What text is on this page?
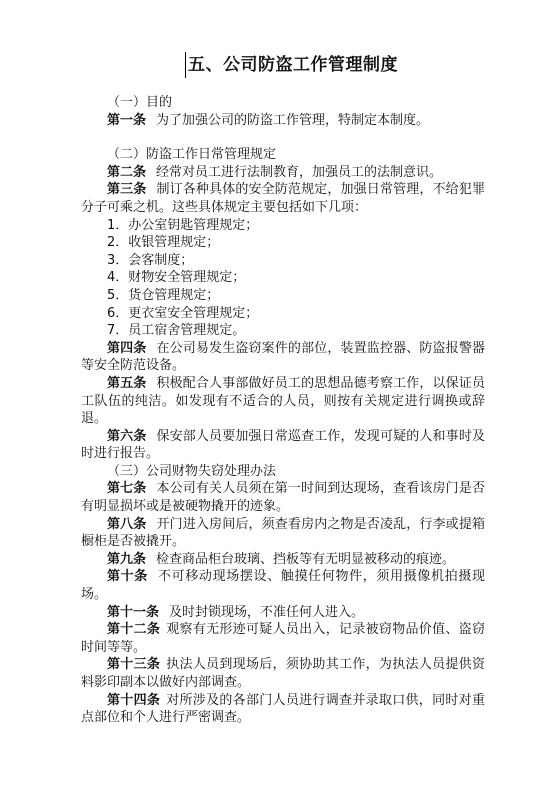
五、公司防盗工作管理制度

（一）目的

第一条 为了加强公司的防盗工作管理，特制定本制度。

（二）防盗工作日常管理规定

第二条 经常对员工进行法制教育，加强员工的法制意识。

第三条 制订各种具体的安全防范规定，加强日常管理，不给犯罪分子可乘之机。这些具体规定主要包括如下几项：

1．办公室钥匙管理规定；

2．收银管理规定；

3．会客制度；

4．财物安全管理规定；

5．货仓管理规定；

6．更衣室安全管理规定；

7．员工宿舍管理规定。

第四条 在公司易发生盗窃案件的部位，装置监控器、防盗报警器等安全防范设备。

第五条 积极配合人事部做好员工的思想品德考察工作，以保证员工队伍的纯洁。如发现有不适合的人员，则按有关规定进行调换或辞退。

第六条 保安部人员要加强日常巡查工作，发现可疑的人和事时及时进行报告。

（三）公司财物失窃处理办法

第七条 本公司有关人员须在第一时间到达现场，查看该房门是否有明显损坏或是被硬物撬开的迹象。

第八条 开门进入房间后，须查看房内之物是否凌乱，行李或提箱橱柜是否被撬开。

第九条 检查商品柜台玻璃、挡板等有无明显被移动的痕迹。

第十条 不可移动现场摆设、触摸任何物件，须用摄像机拍摄现场。

第十一条 及时封锁现场，不准任何人进入。

第十二条 观察有无形迹可疑人员出入，记录被窃物品价值、盗窃时间等等。

第十三条 执法人员到现场后，须协助其工作，为执法人员提供资料影印副本以做好内部调查。

第十四条 对所涉及的各部门人员进行调查并录取口供，同时对重点部位和个人进行严密调查。
